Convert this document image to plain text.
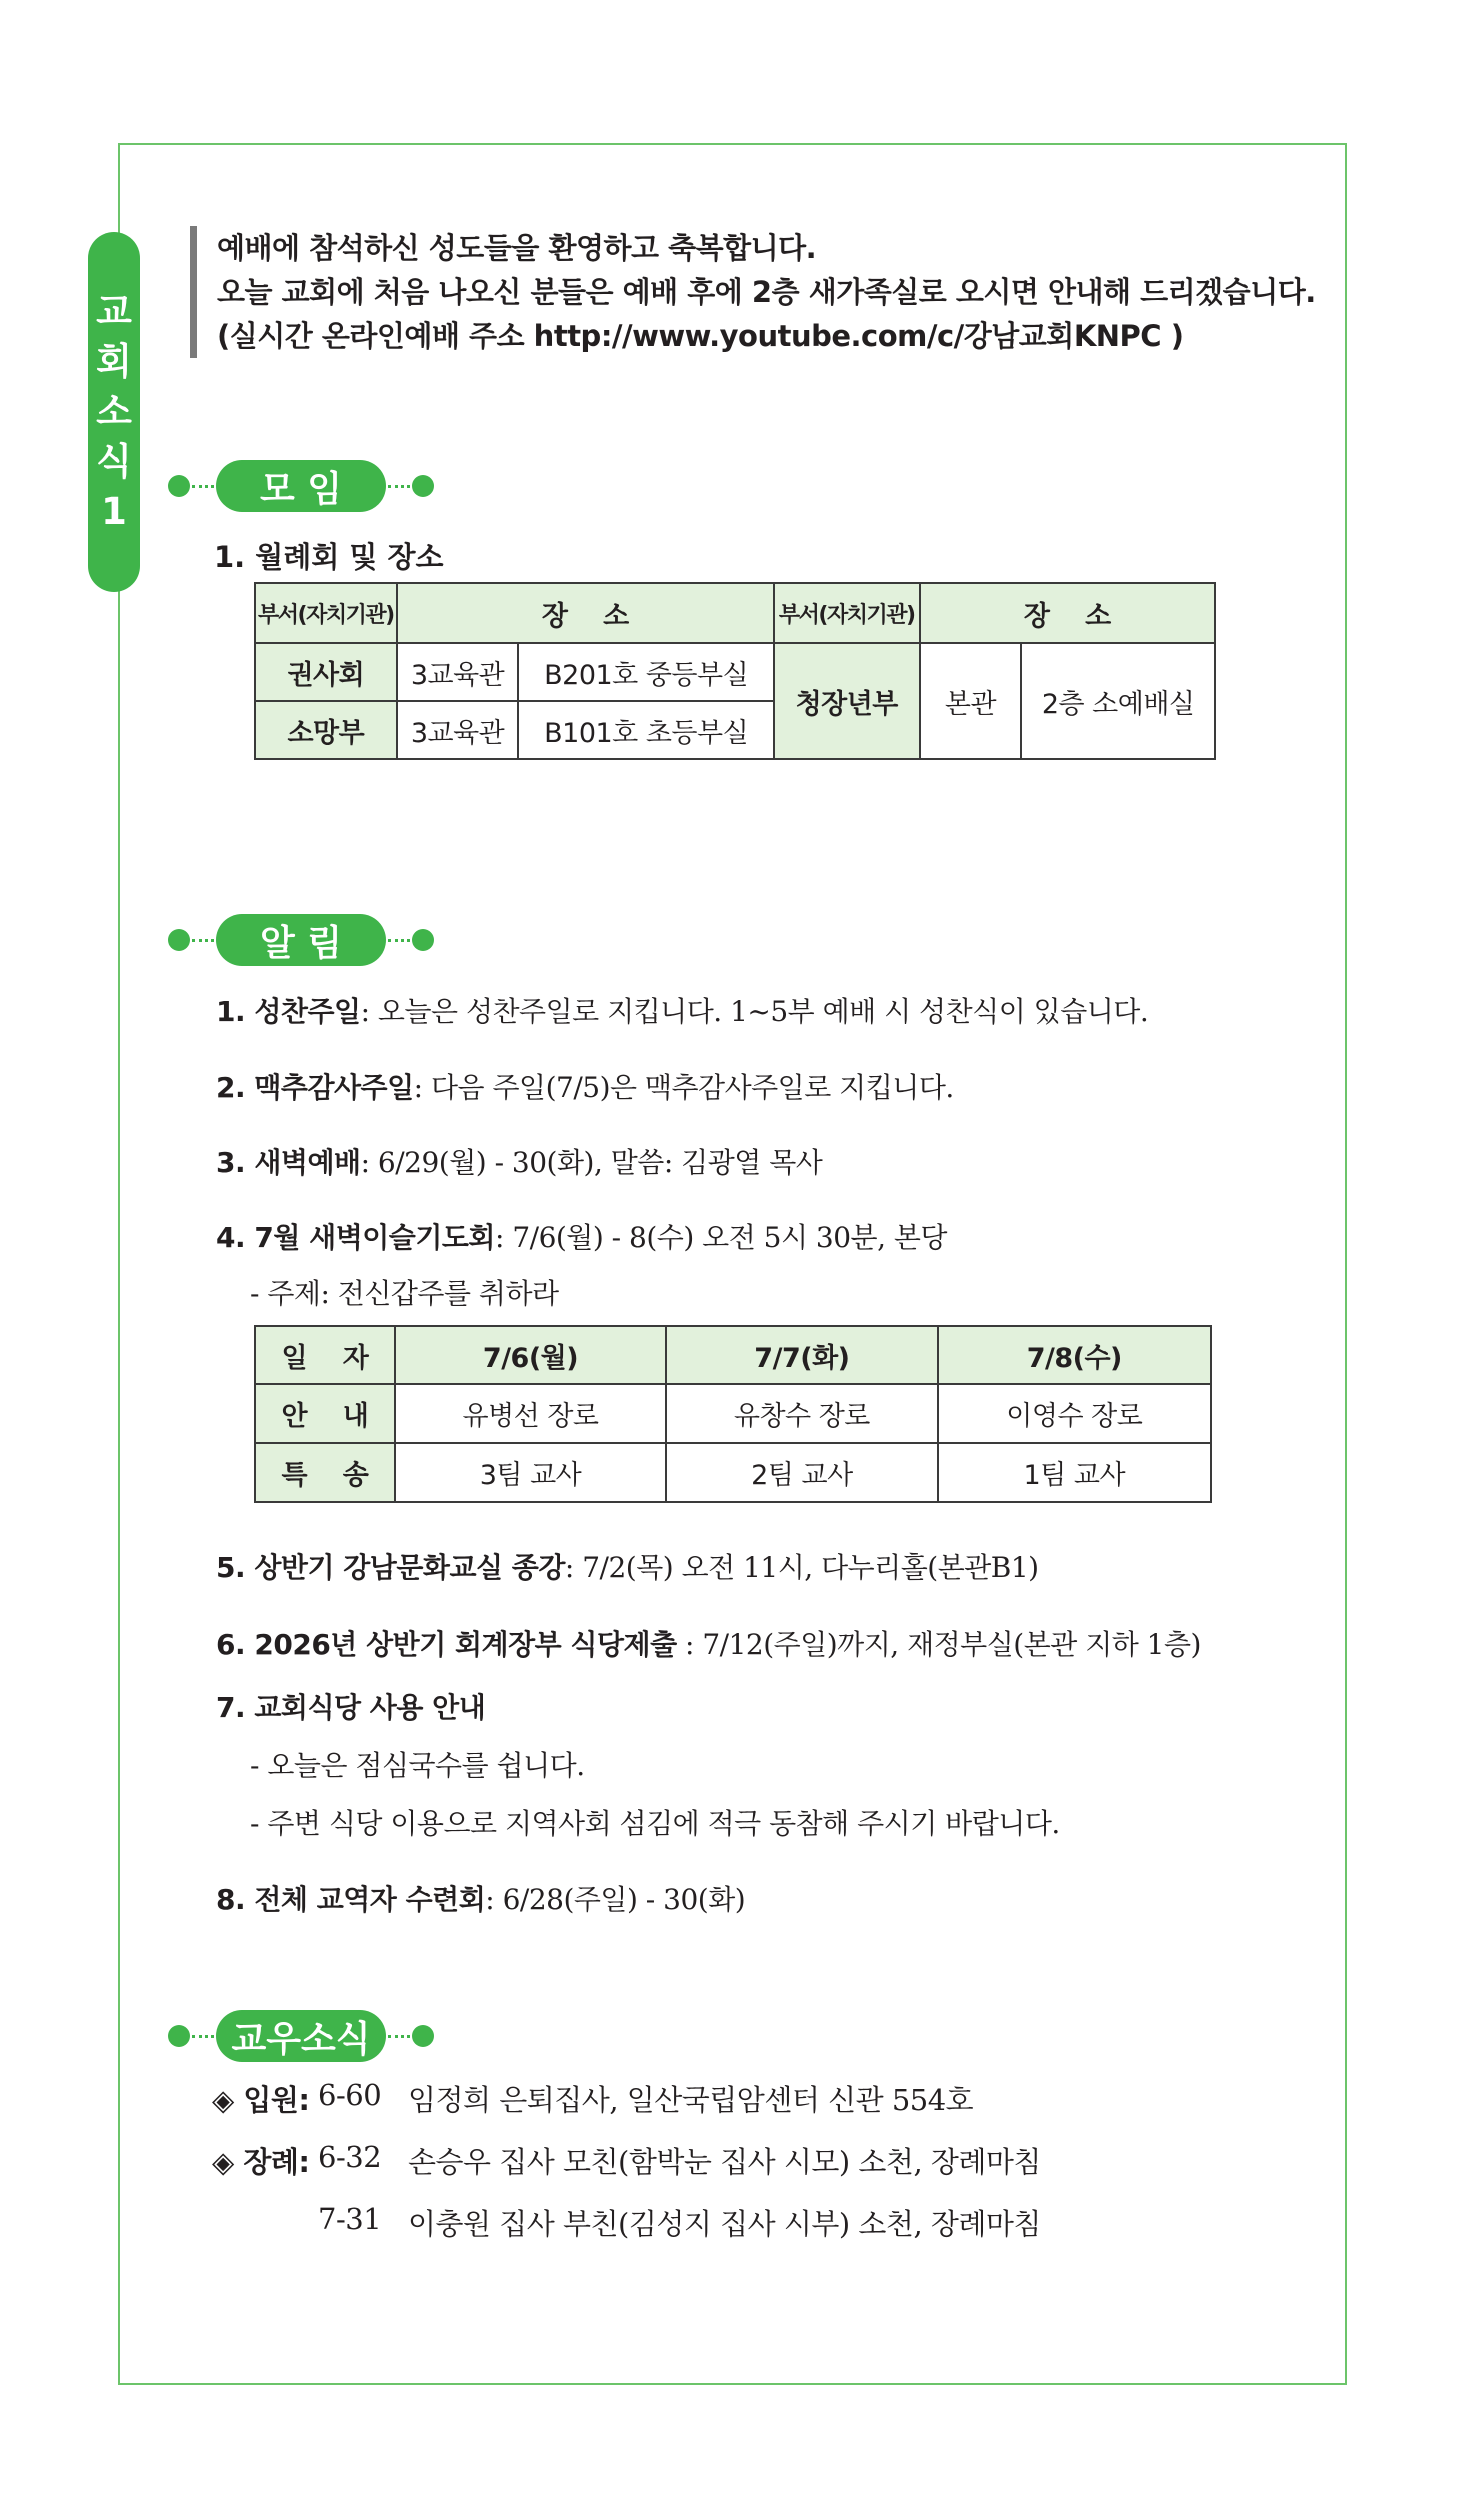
교
회
소
식
1

예배에 참석하신 성도들을 환영하고 축복합니다.

오늘 교회에 처음 나오신 분들은 예배 후에 2층 새가족실로 오시면 안내해 드리겠습니다.

(실시간 온라인예배 주소 http://www.youtube.com/c/강남교회KNPC )

모 임
1. 월례회 및 장소
부서(자치기관)	장    소		부서(자치기관)	장    소	
권사회	3교육관	B201호 중등부실	청장년부	본관	2층 소예배실
소망부	3교육관	B101호 초등부실			
알 림
1. 성찬주일: 오늘은 성찬주일로 지킵니다. 1~5부 예배 시 성찬식이 있습니다.
2. 맥추감사주일: 다음 주일(7/5)은 맥추감사주일로 지킵니다.
3. 새벽예배: 6/29(월) - 30(화), 말씀: 김광열 목사
4. 7월 새벽이슬기도회: 7/6(월) - 8(수) 오전 5시 30분, 본당
- 주제: 전신갑주를 취하라
일    자	7/6(월)	7/7(화)	7/8(수)
안    내	유병선 장로	유창수 장로	이영수 장로
특    송	3팀 교사	2팀 교사	1팀 교사
5. 상반기 강남문화교실 종강: 7/2(목) 오전 11시, 다누리홀(본관B1)
6. 2026년 상반기 회계장부 식당제출 : 7/12(주일)까지, 재정부실(본관 지하 1층)
7. 교회식당 사용 안내
- 오늘은 점심국수를 쉽니다.
- 주변 식당 이용으로 지역사회 섬김에 적극 동참해 주시기 바랍니다.
8. 전체 교역자 수련회: 6/28(주일) - 30(화)
교우소식
◈ 입원: 6-60 임정희 은퇴집사, 일산국립암센터 신관 554호
◈ 장례: 6-32 손승우 집사 모친(함박눈 집사 시모) 소천, 장례마침
7-31 이충원 집사 부친(김성지 집사 시부) 소천, 장례마침
